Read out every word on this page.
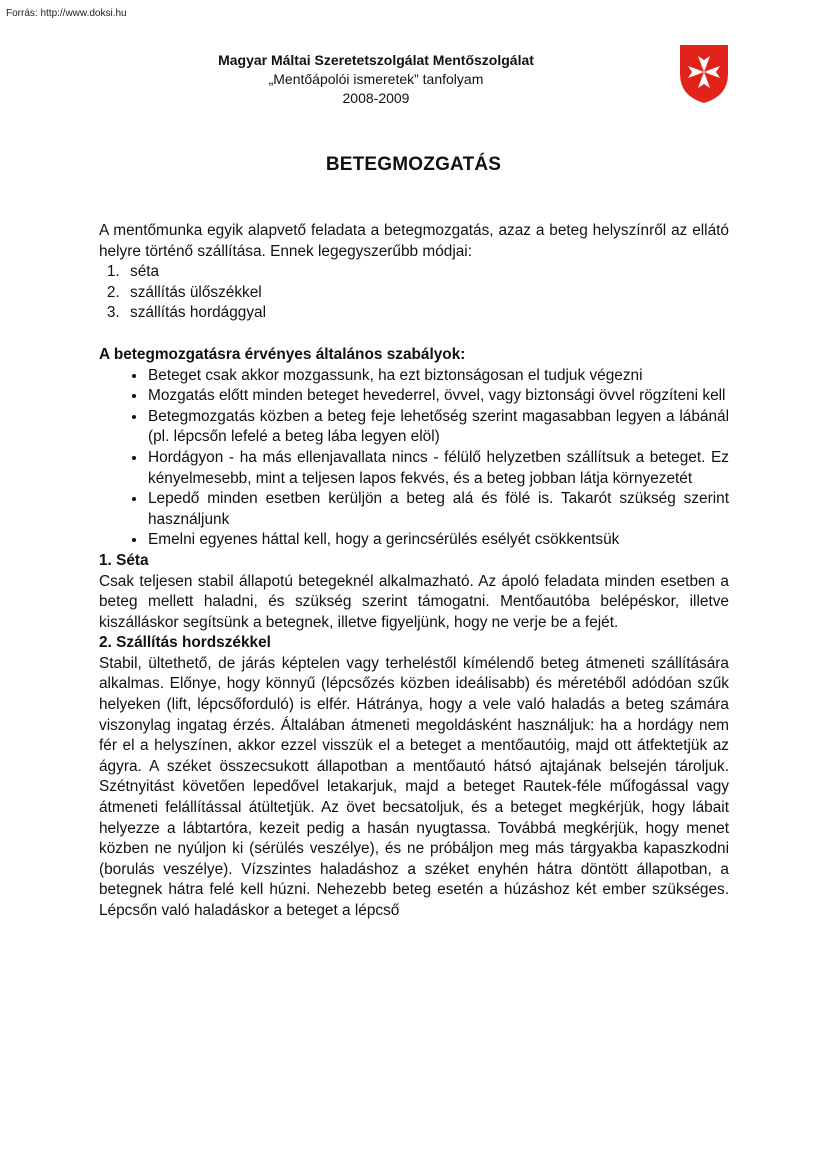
Forrás: http://www.doksi.hu
Magyar Máltai Szeretetszolgálat Mentőszolgálat
„Mentőápolói ismeretek” tanfolyam
2008-2009
BETEGMOZGATÁS

A mentőmunka egyik alapvető feladata a betegmozgatás, azaz a beteg helyszínről az ellátó helyre történő szállítása. Ennek legegyszerűbb módjai:

1. séta
2. szállítás ülőszékkel
3. szállítás hordággyal

A betegmozgatásra érvényes általános szabályok:

• Beteget csak akkor mozgassunk, ha ezt biztonságosan el tudjuk végezni
• Mozgatás előtt minden beteget hevederrel, övvel, vagy biztonsági övvel rögzíteni kell
• Betegmozgatás közben a beteg feje lehetőség szerint magasabban legyen a lábánál (pl. lépcsőn lefelé a beteg lába legyen elöl)
• Hordágyon - ha más ellenjavallata nincs - félülő helyzetben szállítsuk a beteget. Ez kényelmesebb, mint a teljesen lapos fekvés, és a beteg jobban látja környezetét
• Lepedő minden esetben kerüljön a beteg alá és fölé is. Takarót szükség szerint használjunk
• Emelni egyenes háttal kell, hogy a gerincsérülés esélyét csökkentsük

1. Séta

Csak teljesen stabil állapotú betegeknél alkalmazható. Az ápoló feladata minden esetben a beteg mellett haladni, és szükség szerint támogatni. Mentőautóba belépéskor, illetve kiszálláskor segítsünk a betegnek, illetve figyeljünk, hogy ne verje be a fejét.

2. Szállítás hordszékkel

Stabil, ültethető, de járás képtelen vagy terheléstől kímélendő beteg átmeneti szállítására alkalmas. Előnye, hogy könnyű (lépcsőzés közben ideálisabb) és méretéből adódóan szűk helyeken (lift, lépcsőforduló) is elfér. Hátránya, hogy a vele való haladás a beteg számára viszonylag ingatag érzés. Általában átmeneti megoldásként használjuk: ha a hordágy nem fér el a helyszínen, akkor ezzel visszük el a beteget a mentőautóig, majd ott átfektetjük az ágyra. A széket összecsukott állapotban a mentőautó hátsó ajtajának belsején tároljuk. Szétnyitást követően lepedővel letakarjuk, majd a beteget Rautek-féle műfogással vagy átmeneti felállítással átültetjük. Az övet becsatoljuk, és a beteget megkérjük, hogy lábait helyezze a lábtartóra, kezeit pedig a hasán nyugtassa. Továbbá megkérjük, hogy menet közben ne nyúljon ki (sérülés veszélye), és ne próbáljon meg más tárgyakba kapaszkodni (borulás veszélye). Vízszintes haladáshoz a széket enyhén hátra döntött állapotban, a betegnek hátra felé kell húzni. Nehezebb beteg esetén a húzáshoz két ember szükséges. Lépcsőn való haladáskor a beteget a lépcső
